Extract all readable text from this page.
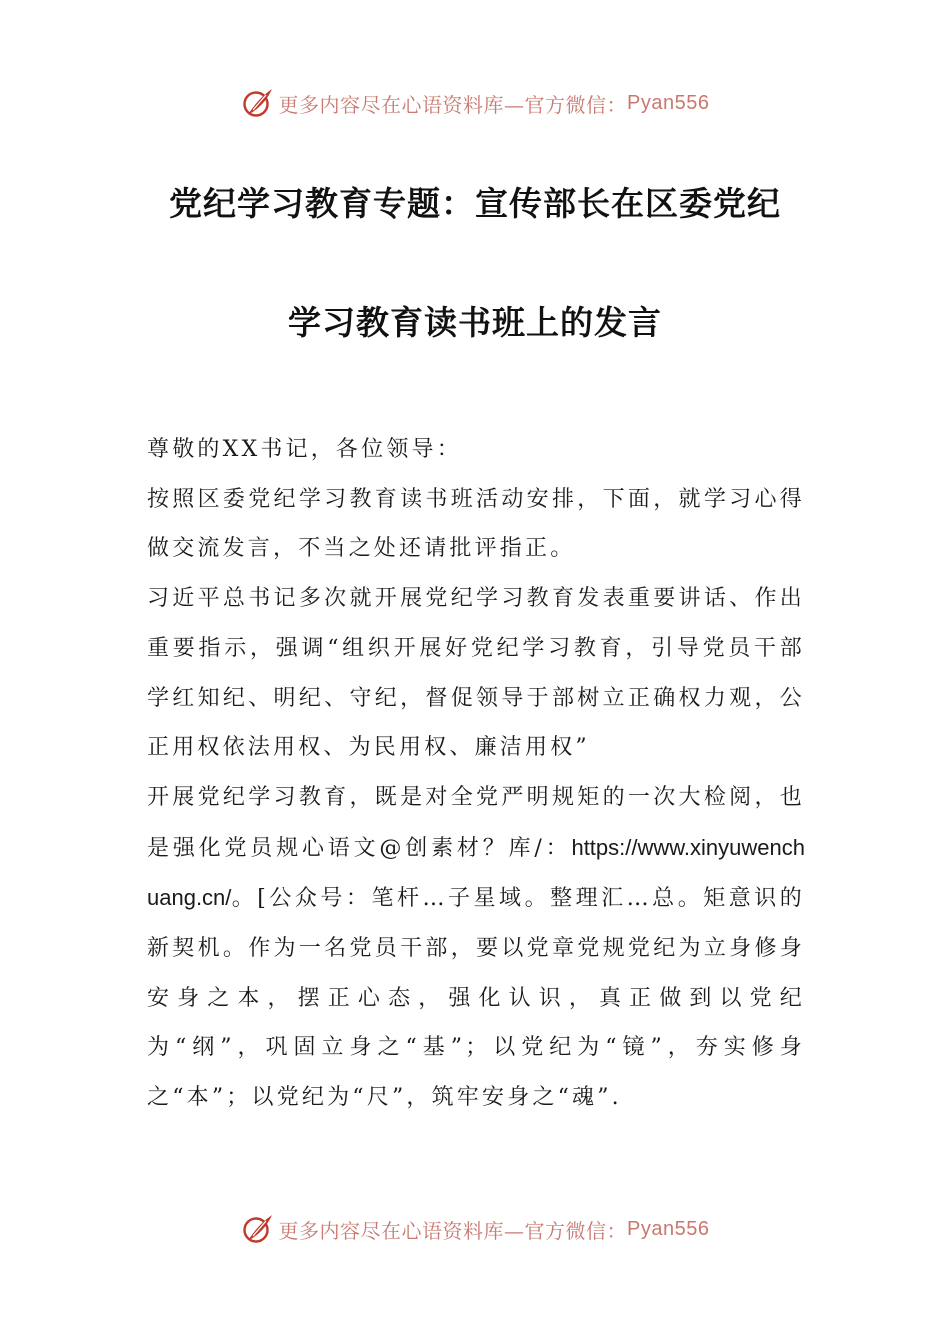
更多内容尽在心语资料库—官方微信： Pyan556
党纪学习教育专题：宣传部长在区委党纪
学习教育读书班上的发言

尊敬的XX书记，各位领导：

按照区委党纪学习教育读书班活动安排，下面，就学习心得做交流发言，不当之处还请批评指正。

习近平总书记多次就开展党纪学习教育发表重要讲话、作出重要指示，强调“组织开展好党纪学习教育，引导党员干部学红知纪、明纪、守纪，督促领导于部树立正确权力观，公正用权依法用权、为民用权、廉洁用权”

开展党纪学习教育，既是对全党严明规矩的一次大检阅，也是强化党员规心语文@创素材？库/：https://www.xinyuwenchuang.cn/。[公众号：笔杆…子星域。整理汇…总。矩意识的新契机。作为一名党员干部，要以党章党规党纪为立身修身安身之本，摆正心态，强化认识，真正做到以党纪为“纲”，巩固立身之“基”；以党纪为“镜”，夯实修身之“本”；以党纪为“尺”，筑牢安身之“魂”.

更多内容尽在心语资料库—官方微信： Pyan556
